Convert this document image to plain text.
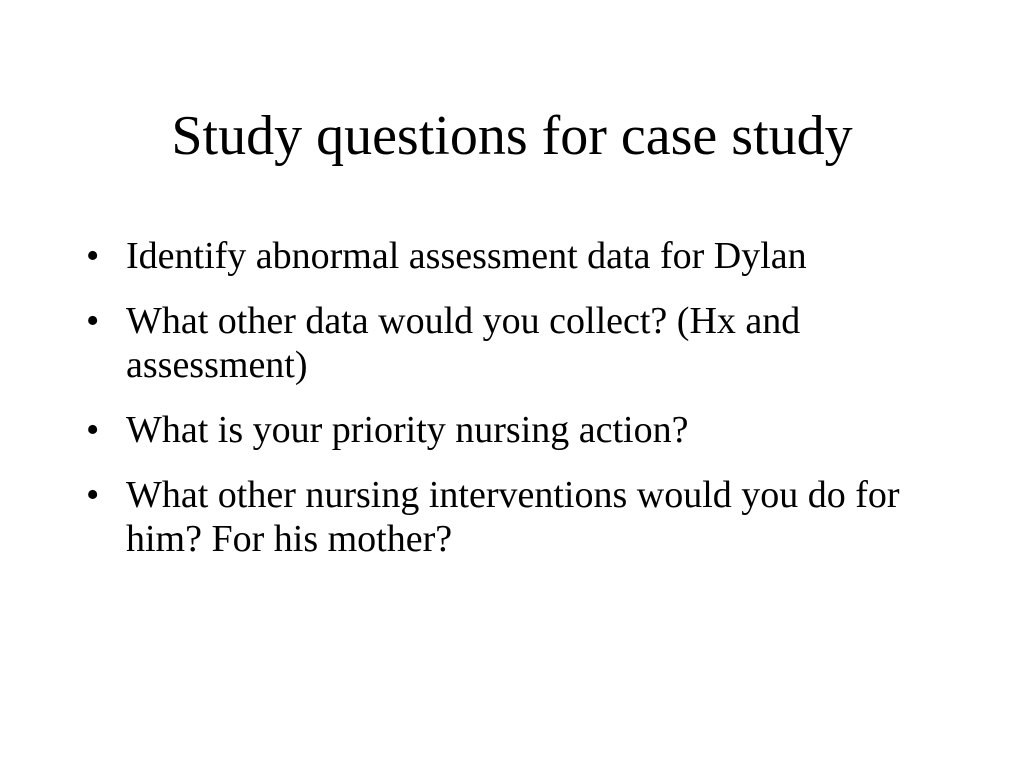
Study questions for case study
• Identify abnormal assessment data for Dylan
• What other data would you collect? (Hx and assessment)
• What is your priority nursing action?
• What other nursing interventions would you do for him? For his mother?
